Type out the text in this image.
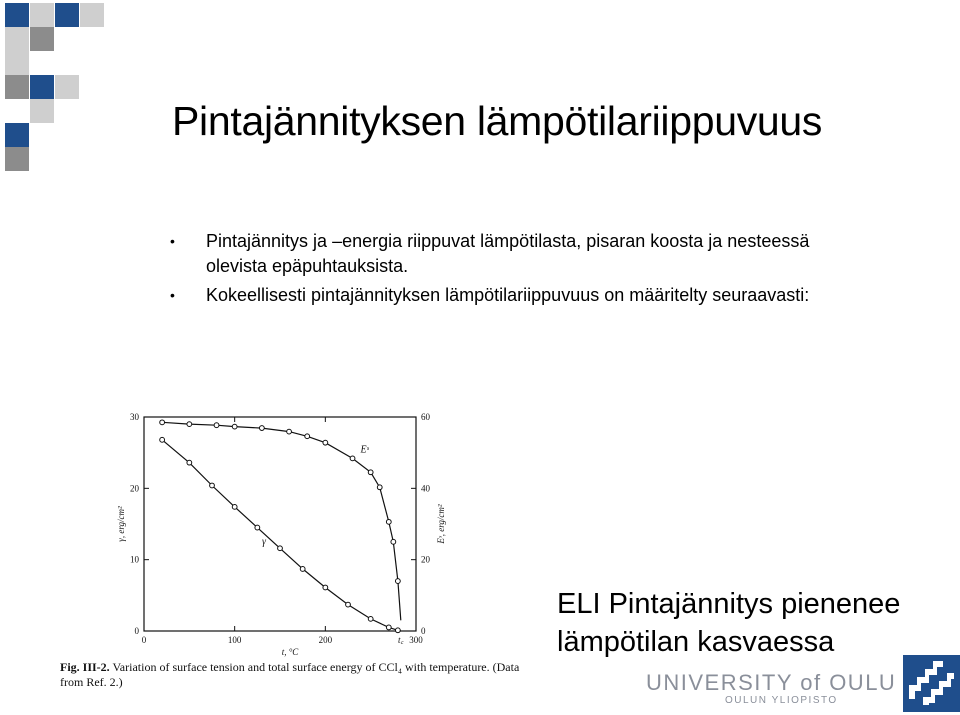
Pintajännityksen lämpötilariippuvuus
• Pintajännitys ja –energia riippuvat lämpötilasta, pisaran koosta ja nesteessä olevista epäpuhtauksista.
• Kokeellisesti pintajännityksen lämpötilariippuvuus on määritelty seuraavasti:
0	100	200	300
0
10
20
30
0
20
40
60
t, °C
γ, erg/cm²	Eˢ, erg/cm²
t꜀
γ
Eˢ
Fig. III-2. Variation of surface tension and total surface energy of CCl₄ with temperature. (Data from Ref. 2.)
ELI Pintajännitys pienenee
lämpötilan kasvaessa
UNIVERSITY of OULU
OULUN YLIOPISTO
